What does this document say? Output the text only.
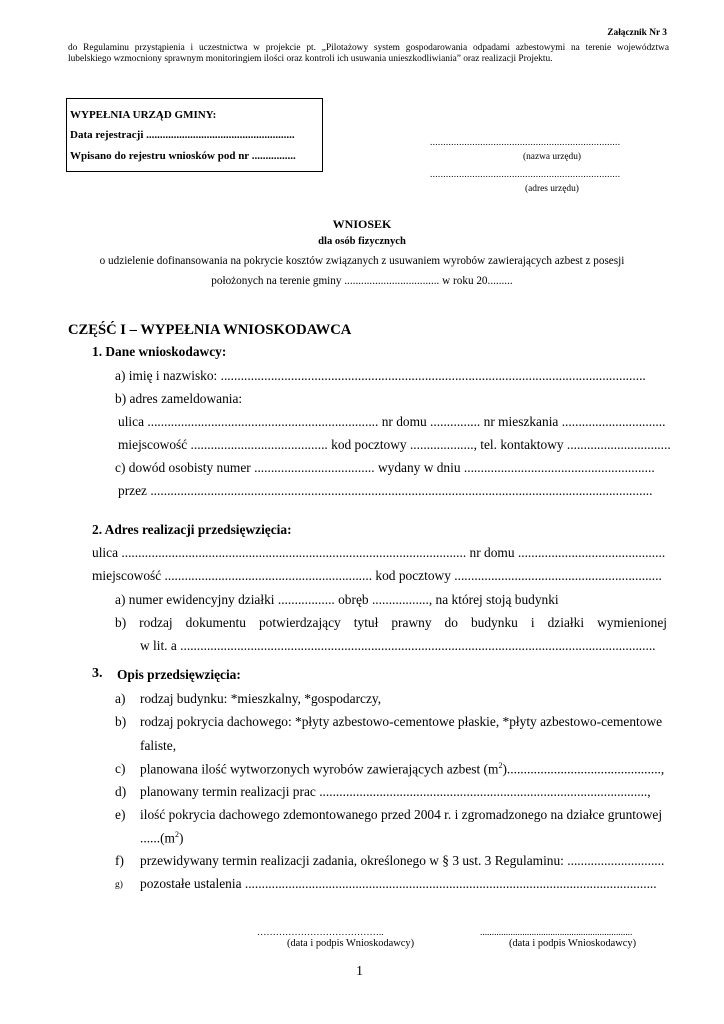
Załącznik Nr 3
do Regulaminu przystąpienia i uczestnictwa w projekcie pt. „Pilotażowy system gospodarowania odpadami azbestowymi na terenie województwa
lubelskiego wzmocniony sprawnym monitoringiem ilości oraz kontroli ich usuwania unieszkodliwiania” oraz realizacji Projektu.
WYPEŁNIA URZĄD GMINY:
Data rejestracji ......................................................
Wpisano do rejestru wniosków pod nr ................
........................................................................
(nazwa urzędu)
........................................................................
(adres urzędu)
WNIOSEK
dla osób fizycznych
o udzielenie dofinansowania na pokrycie kosztów związanych z usuwaniem wyrobów zawierających azbest z posesji
położonych na terenie gminy .................................. w roku 20.........
CZĘŚĆ I – WYPEŁNIA WNIOSKODAWCA
1. Dane wnioskodawcy:
a) imię i nazwisko: ...............................................................................................................................
b) adres zameldowania:
ulica ..................................................................... nr domu ............... nr mieszkania ...............................
miejscowość ......................................... kod pocztowy ..................., tel. kontaktowy ...............................
c) dowód osobisty numer .................................... wydany w dniu .........................................................
przez ......................................................................................................................................................
2. Adres realizacji przedsięwzięcia:
ulica ....................................................................................................... nr domu ............................................
miejscowość .............................................................. kod pocztowy ..............................................................
a) numer ewidencyjny działki ................. obręb ................., na której stoją budynki
b) rodzaj dokumentu potwierdzający tytuł prawny do budynku i działki wymienionej
w lit. a ..............................................................................................................................................
3. Opis przedsięwzięcia:
a) rodzaj budynku: *mieszkalny, *gospodarczy,
b) rodzaj pokrycia dachowego: *płyty azbestowo-cementowe płaskie, *płyty azbestowo-cementowe
faliste,
c) planowana ilość wytworzonych wyrobów zawierających azbest $(m^2)$..............................................,
d) planowany termin realizacji prac ..................................................................................................,
e) ilość pokrycia dachowego zdemontowanego przed 2004 r. i zgromadzonego na działce gruntowej
$......(m^2)$
f) przewidywany termin realizacji zadania, określonego w § 3 ust. 3 Regulaminu: .............................
g) pozostałe ustalenia ...........................................................................................................................
…………………………………..
(data i podpis Wnioskodawcy)
.................................................................
(data i podpis Wnioskodawcy)
1
